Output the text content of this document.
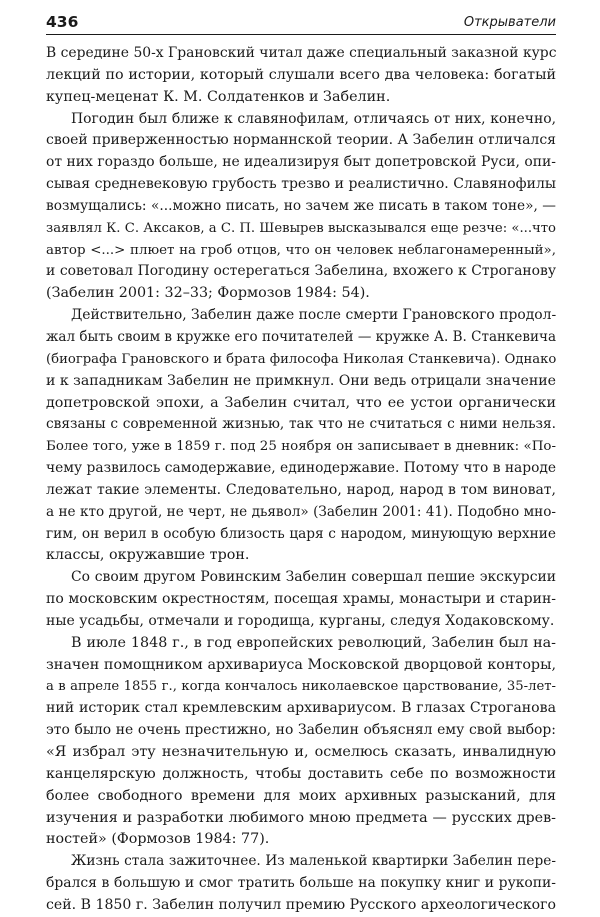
436	Открыватели
В середине 50-х Грановский читал даже специальный заказной курс
лекций по истории, который слушали всего два человека: богатый
купец-меценат К. М. Солдатенков и Забелин.
Погодин был ближе к славянофилам, отличаясь от них, конечно,
своей приверженностью норманнской теории. А Забелин отличался
от них гораздо больше, не идеализируя быт допетровской Руси, опи-
сывая средневековую грубость трезво и реалистично. Славянофилы
возмущались: «...можно писать, но зачем же писать в таком тоне», —
заявлял К. С. Аксаков, а С. П. Шевырев высказывался еще резче: «...что
автор <...> плюет на гроб отцов, что он человек неблагонамеренный»,
и советовал Погодину остерегаться Забелина, вхожего к Строганову
(Забелин 2001: 32–33; Формозов 1984: 54).
Действительно, Забелин даже после смерти Грановского продол-
жал быть своим в кружке его почитателей — кружке А. В. Станкевича
(биографа Грановского и брата философа Николая Станкевича). Однако
и к западникам Забелин не примкнул. Они ведь отрицали значение
допетровской эпохи, а Забелин считал, что ее устои органически
связаны с современной жизнью, так что не считаться с ними нельзя.
Более того, уже в 1859 г. под 25 ноября он записывает в дневник: «По-
чему развилось самодержавие, единодержавие. Потому что в народе
лежат такие элементы. Следовательно, народ, народ в том виноват,
а не кто другой, не черт, не дьявол» (Забелин 2001: 41). Подобно мно-
гим, он верил в особую близость царя с народом, минующую верхние
классы, окружавшие трон.
Со своим другом Ровинским Забелин совершал пешие экскурсии
по московским окрестностям, посещая храмы, монастыри и старин-
ные усадьбы, отмечали и городища, курганы, следуя Ходаковскому.
В июле 1848 г., в год европейских революций, Забелин был на-
значен помощником архивариуса Московской дворцовой конторы,
а в апреле 1855 г., когда кончалось николаевское царствование, 35-лет-
ний историк стал кремлевским архивариусом. В глазах Строганова
это было не очень престижно, но Забелин объяснял ему свой выбор:
«Я избрал эту незначительную и, осмелюсь сказать, инвалидную
канцелярскую должность, чтобы доставить себе по возможности
более свободного времени для моих архивных разысканий, для
изучения и разработки любимого мною предмета — русских древ-
ностей» (Формозов 1984: 77).
Жизнь стала зажиточнее. Из маленькой квартирки Забелин пере-
брался в большую и смог тратить больше на покупку книг и рукопи-
сей. В 1850 г. Забелин получил премию Русского археологического
